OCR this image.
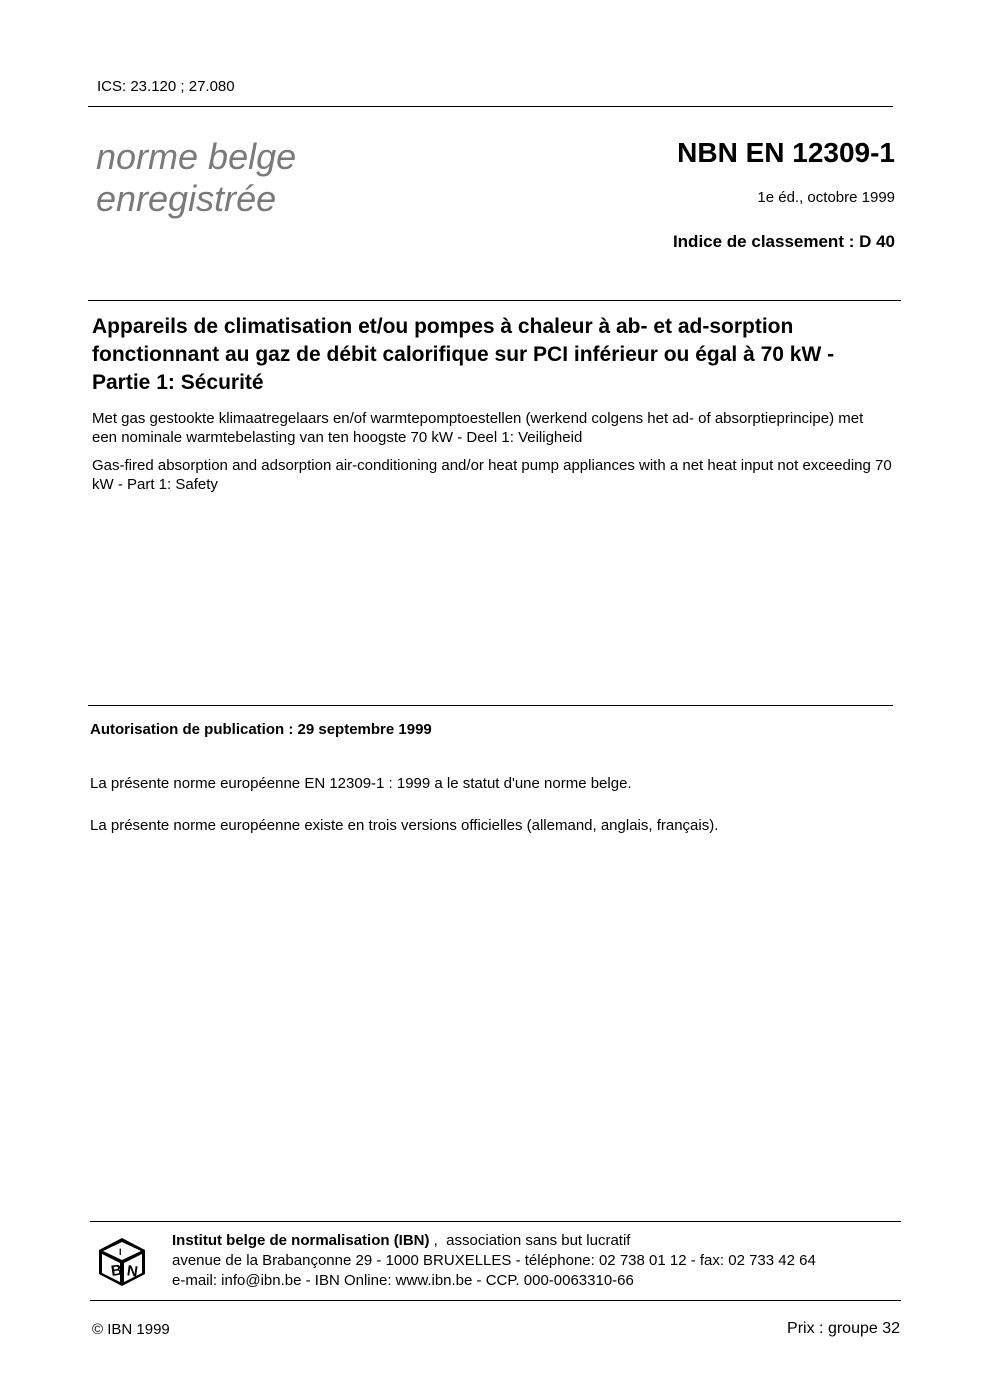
ICS: 23.120 ; 27.080
norme belge
enregistrée
NBN EN 12309-1
1e éd., octobre 1999
Indice de classement : D 40
Appareils de climatisation et/ou pompes à chaleur à ab- et ad-sorption fonctionnant au gaz de débit calorifique sur PCI inférieur ou égal à 70 kW - Partie 1: Sécurité
Met gas gestookte klimaatregelaars en/of warmtepomptoestellen (werkend colgens het ad- of absorptieprincipe) met een nominale warmtebelasting van ten hoogste 70 kW - Deel 1: Veiligheid
Gas-fired absorption and adsorption air-conditioning and/or heat pump appliances with a net heat input not exceeding 70 kW - Part 1: Safety
Autorisation de publication : 29 septembre 1999
La présente norme européenne EN 12309-1 : 1999 a le statut d'une norme belge.
La présente norme européenne existe en trois versions officielles (allemand, anglais, français).
B N
I
Institut belge de normalisation (IBN) ,  association sans but lucratif
avenue de la Brabançonne 29 - 1000 BRUXELLES - téléphone: 02 738 01 12 - fax: 02 733 42 64
e-mail: info@ibn.be - IBN Online: www.ibn.be - CCP. 000-0063310-66
© IBN 1999	Prix : groupe 32
